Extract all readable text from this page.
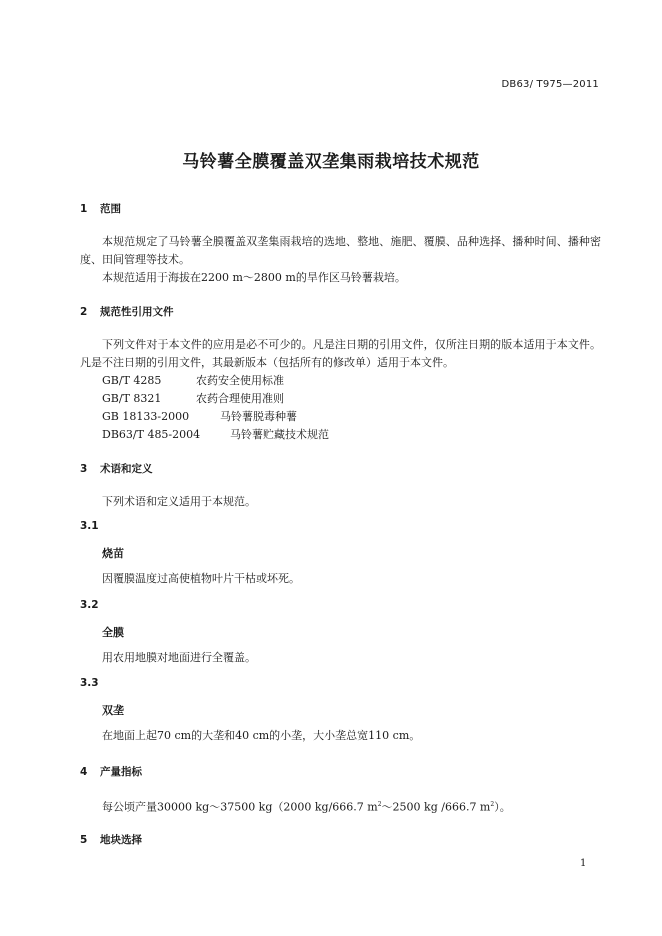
DB63/ T975—2011
马铃薯全膜覆盖双垄集雨栽培技术规范
1 范围
本规范规定了马铃薯全膜覆盖双垄集雨栽培的选地、整地、施肥、覆膜、品种选择、播种时间、播种密度、田间管理等技术。
本规范适用于海拔在2200 m～2800 m的旱作区马铃薯栽培。
2 规范性引用文件
下列文件对于本文件的应用是必不可少的。凡是注日期的引用文件，仅所注日期的版本适用于本文件。凡是不注日期的引用文件，其最新版本（包括所有的修改单）适用于本文件。
GB/T 4285	农药安全使用标准
GB/T 8321	农药合理使用准则
GB 18133-2000	马铃薯脱毒种薯
DB63/T 485-2004	马铃薯贮藏技术规范
3 术语和定义
下列术语和定义适用于本规范。
3.1
烧苗
因覆膜温度过高使植物叶片干枯或坏死。
3.2
全膜
用农用地膜对地面进行全覆盖。
3.3
双垄
在地面上起70 cm的大垄和40 cm的小垄，大小垄总宽110 cm。
4 产量指标
每公顷产量30000 kg～37500 kg（2000 kg/666.7 $m^2\sim 2500$ kg /666.7 $m^2$）。
5 地块选择
1
